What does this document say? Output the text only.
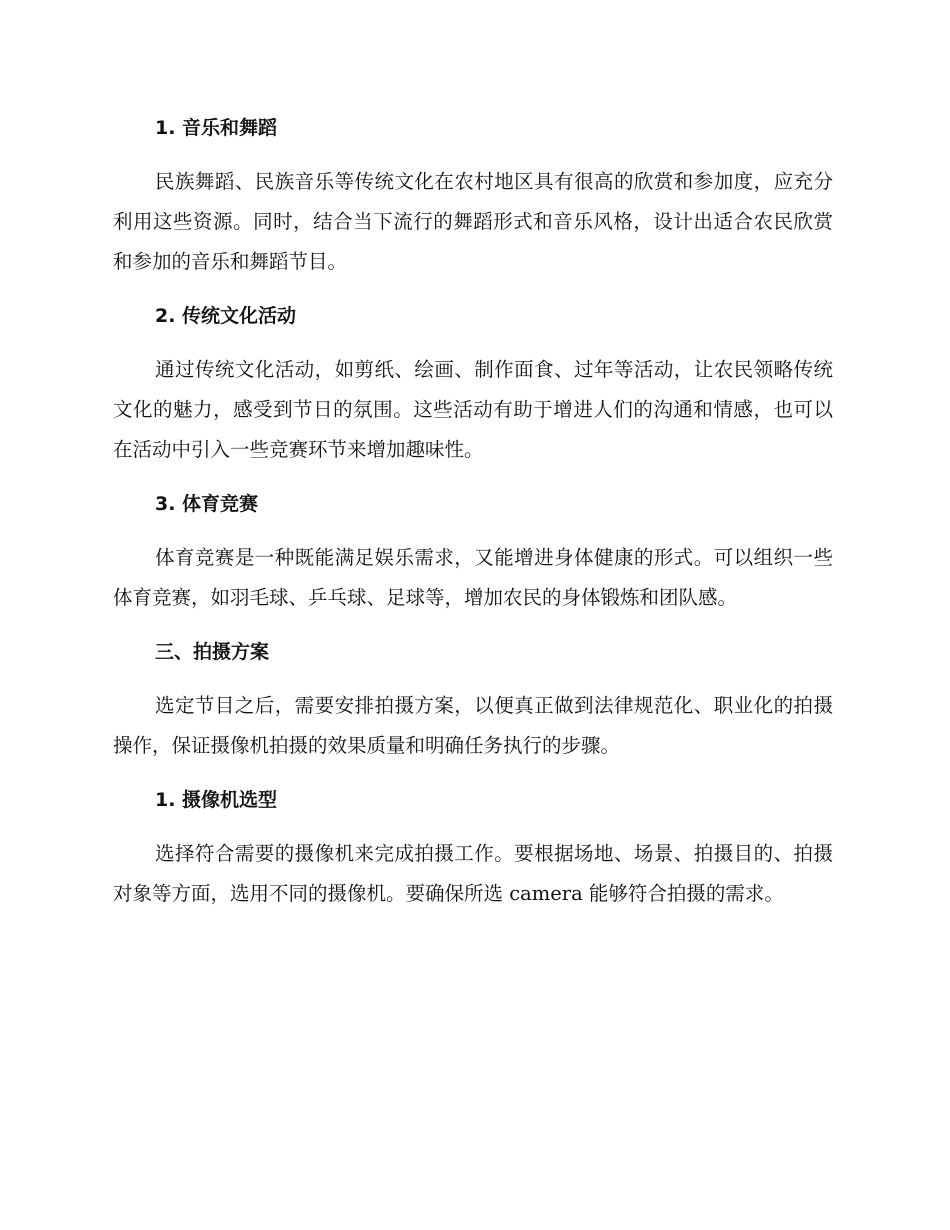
1. 音乐和舞蹈

民族舞蹈、民族音乐等传统文化在农村地区具有很高的欣赏和参加度，应充分利用这些资源。同时，结合当下流行的舞蹈形式和音乐风格，设计出适合农民欣赏和参加的音乐和舞蹈节目。

2. 传统文化活动

通过传统文化活动，如剪纸、绘画、制作面食、过年等活动，让农民领略传统文化的魅力，感受到节日的氛围。这些活动有助于增进人们的沟通和情感，也可以在活动中引入一些竞赛环节来增加趣味性。

3. 体育竞赛

体育竞赛是一种既能满足娱乐需求，又能增进身体健康的形式。可以组织一些体育竞赛，如羽毛球、乒乓球、足球等，增加农民的身体锻炼和团队感。

三、拍摄方案

选定节目之后，需要安排拍摄方案，以便真正做到法律规范化、职业化的拍摄操作，保证摄像机拍摄的效果质量和明确任务执行的步骤。

1. 摄像机选型

选择符合需要的摄像机来完成拍摄工作。要根据场地、场景、拍摄目的、拍摄对象等方面，选用不同的摄像机。要确保所选 camera 能够符合拍摄的需求。
